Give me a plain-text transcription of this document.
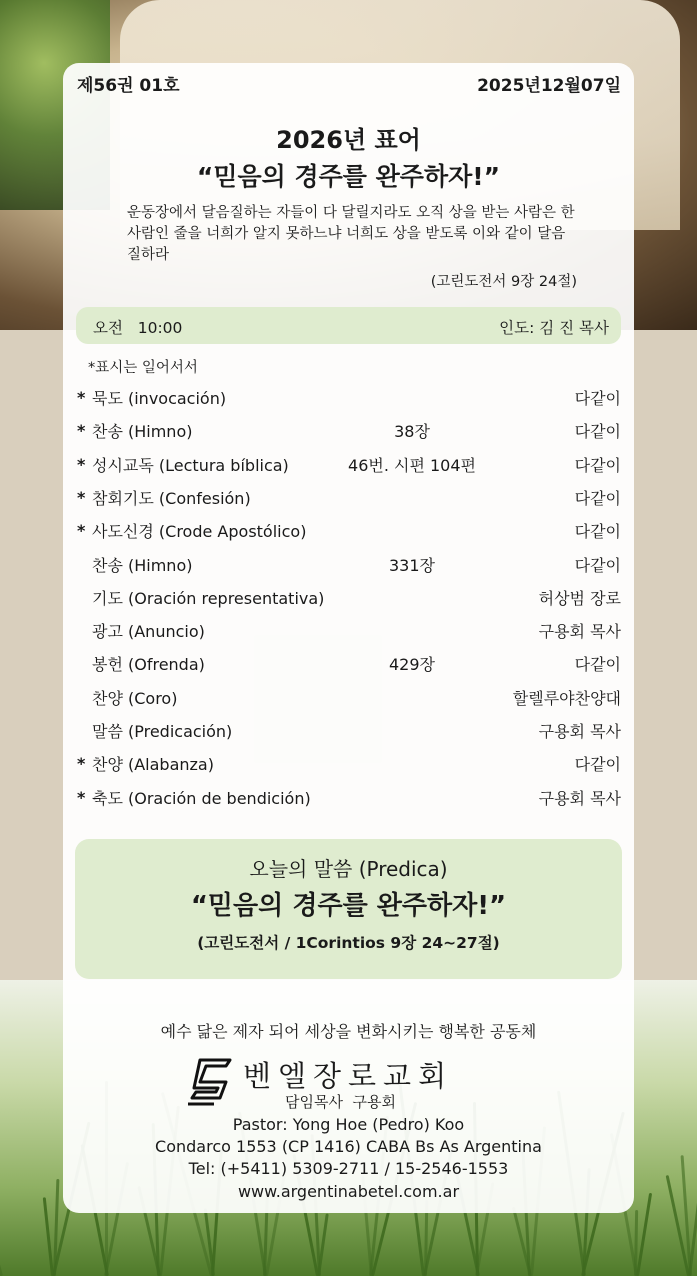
제56권 01호	2025년12월07일
2026년 표어
“믿음의 경주를 완주하자!”
운동장에서 달음질하는 자들이 다 달릴지라도 오직 상을 받는 사람은 한 사람인 줄을 너희가 알지 못하느냐 너희도 상을 받도록 이와 같이 달음질하라
(고린도전서 9장 24절)
오전   10:00	인도: 김 진 목사
*표시는 일어서서
* 묵도 (invocación)	다같이
* 찬송 (Himno)	38장	다같이
* 성시교독 (Lectura bíblica)	46번. 시편 104편	다같이
* 참회기도 (Confesión)	다같이
* 사도신경 (Crode Apostólico)	다같이
찬송 (Himno)	331장	다같이
기도 (Oración representativa)	허상범 장로
광고 (Anuncio)	구용회 목사
봉헌 (Ofrenda)	429장	다같이
찬양 (Coro)	할렐루야찬양대
말씀 (Predicación)	구용회 목사
* 찬양 (Alabanza)	다같이
* 축도 (Oración de bendición)	구용회 목사
오늘의 말씀 (Predica)
“믿음의 경주를 완주하자!”
(고린도전서 / 1Corintios 9장 24~27절)
예수 닮은 제자 되어 세상을 변화시키는 행복한 공동체
벤엘장로교회
담임목사  구용회
Pastor: Yong Hoe (Pedro) Koo
Condarco 1553 (CP 1416) CABA Bs As Argentina
Tel: (+5411) 5309-2711 / 15-2546-1553
www.argentinabetel.com.ar
